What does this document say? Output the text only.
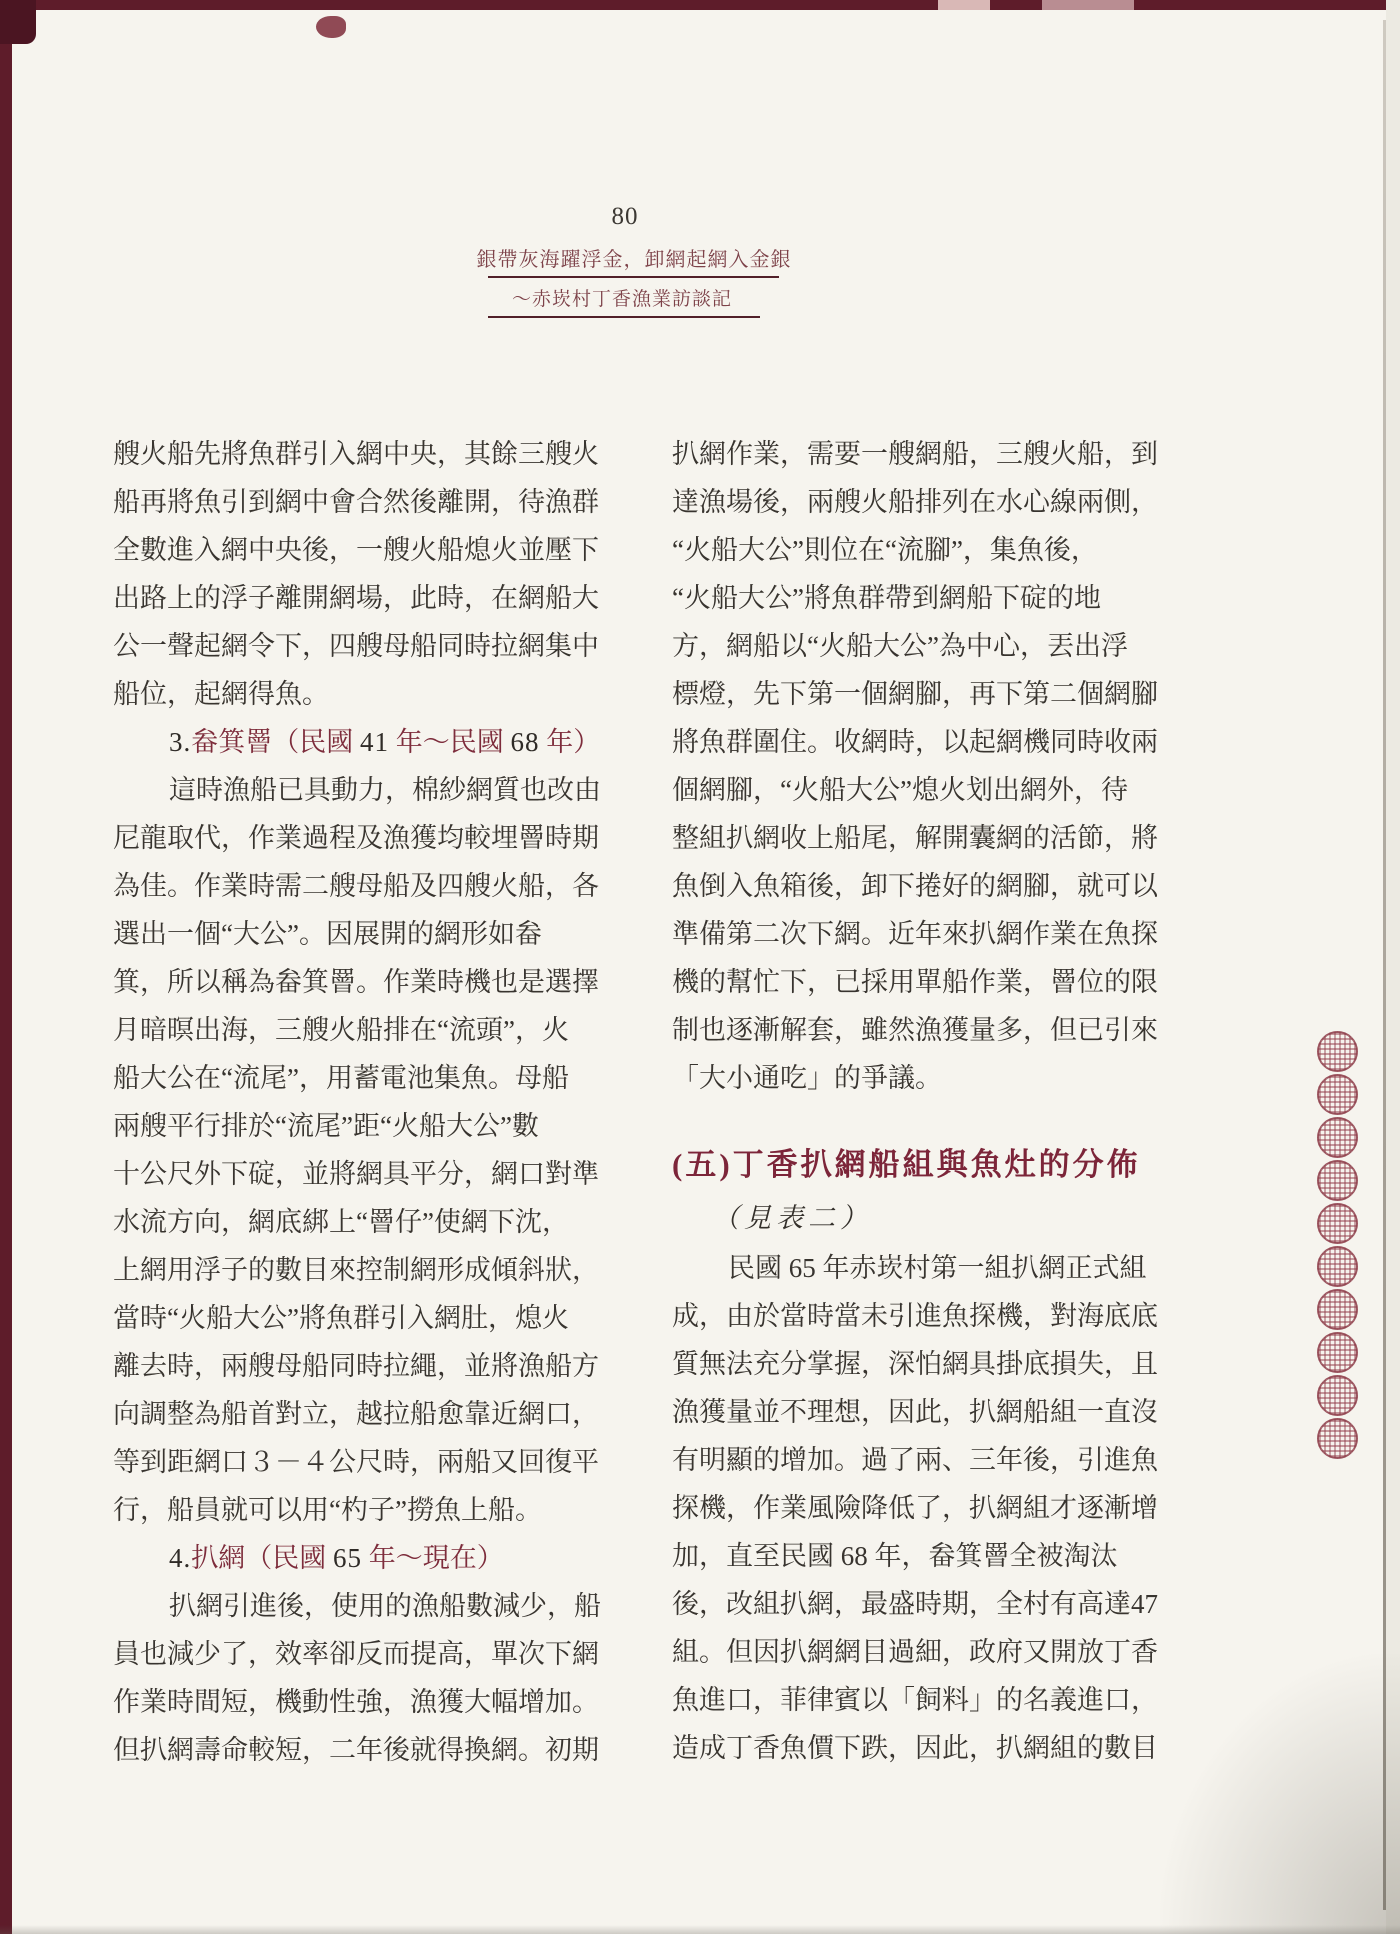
80
銀帶灰海躍浮金，卸網起網入金銀
～赤崁村丁香漁業訪談記
艘火船先將魚群引入網中央，其餘三艘火
船再將魚引到網中會合然後離開，待漁群
全數進入網中央後，一艘火船熄火並壓下
出路上的浮子離開網場，此時，在網船大
公一聲起網令下，四艘母船同時拉網集中
船位，起網得魚。
3.畚箕罾（民國 41 年～民國 68 年）
這時漁船已具動力，棉紗網質也改由
尼龍取代，作業過程及漁獲均較埋罾時期
為佳。作業時需二艘母船及四艘火船，各
選出一個“大公”。因展開的網形如畚
箕，所以稱為畚箕罾。作業時機也是選擇
月暗暝出海，三艘火船排在“流頭”，火
船大公在“流尾”，用蓄電池集魚。母船
兩艘平行排於“流尾”距“火船大公”數
十公尺外下碇，並將網具平分，網口對準
水流方向，網底綁上“罾仔”使網下沈，
上網用浮子的數目來控制網形成傾斜狀，
當時“火船大公”將魚群引入網肚，熄火
離去時，兩艘母船同時拉繩，並將漁船方
向調整為船首對立，越拉船愈靠近網口，
等到距網口３－４公尺時，兩船又回復平
行，船員就可以用“杓子”撈魚上船。
4.扒網（民國 65 年～現在）
扒網引進後，使用的漁船數減少，船
員也減少了，效率卻反而提高，單次下網
作業時間短，機動性強，漁獲大幅增加。
但扒網壽命較短，二年後就得換網。初期
扒網作業，需要一艘網船，三艘火船，到
達漁場後，兩艘火船排列在水心線兩側，
“火船大公”則位在“流腳”，集魚後，
“火船大公”將魚群帶到網船下碇的地
方，網船以“火船大公”為中心，丟出浮
標燈，先下第一個網腳，再下第二個網腳
將魚群圍住。收網時，以起網機同時收兩
個網腳，“火船大公”熄火划出網外，待
整組扒網收上船尾，解開囊網的活節，將
魚倒入魚箱後，卸下捲好的網腳，就可以
準備第二次下網。近年來扒網作業在魚探
機的幫忙下，已採用單船作業，罾位的限
制也逐漸解套，雖然漁獲量多，但已引來
「大小通吃」的爭議。
(五)丁香扒網船組與魚灶的分佈
（見表二）
民國 65 年赤崁村第一組扒網正式組
成，由於當時當未引進魚探機，對海底底
質無法充分掌握，深怕網具掛底損失，且
漁獲量並不理想，因此，扒網船組一直沒
有明顯的增加。過了兩、三年後，引進魚
探機，作業風險降低了，扒網組才逐漸增
加，直至民國 68 年，畚箕罾全被淘汰
後，改組扒網，最盛時期，全村有高達47
組。但因扒網網目過細，政府又開放丁香
魚進口，菲律賓以「飼料」的名義進口，
造成丁香魚價下跌，因此，扒網組的數目
